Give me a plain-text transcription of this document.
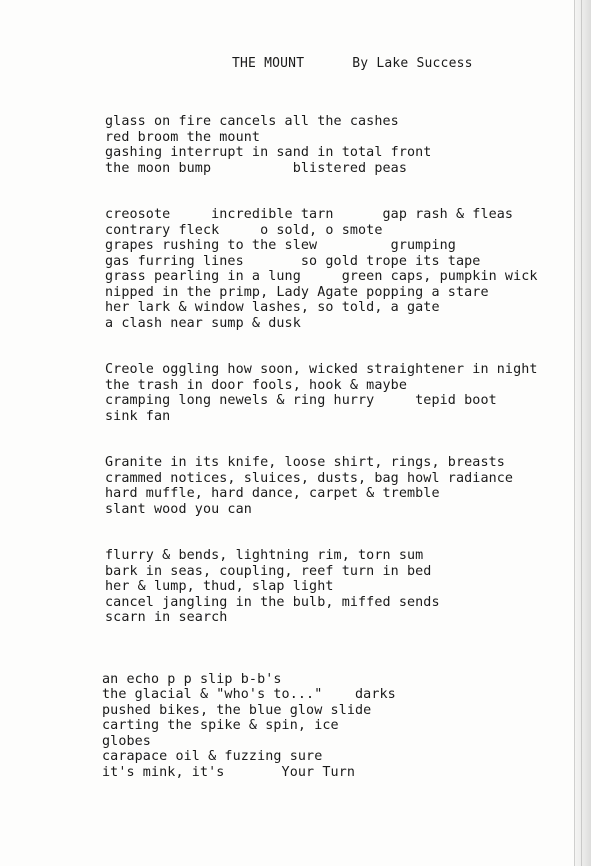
THE MOUNT	By Lake Success
glass on fire cancels all the cashes
red broom the mount
gashing interrupt in sand in total front
the moon bump          blistered peas
creosote     incredible tarn      gap rash & fleas
contrary fleck     o sold, o smote
grapes rushing to the slew         grumping
gas furring lines       so gold trope its tape
grass pearling in a lung     green caps, pumpkin wick
nipped in the primp, Lady Agate popping a stare
her lark & window lashes, so told, a gate
a clash near sump & dusk
Creole oggling how soon, wicked straightener in night
the trash in door fools, hook & maybe
cramping long newels & ring hurry     tepid boot
sink fan
Granite in its knife, loose shirt, rings, breasts
crammed notices, sluices, dusts, bag howl radiance
hard muffle, hard dance, carpet & tremble
slant wood you can
flurry & bends, lightning rim, torn sum
bark in seas, coupling, reef turn in bed
her & lump, thud, slap light
cancel jangling in the bulb, miffed sends
scarn in search
an echo p p slip b-b's
the glacial & "who's to..."    darks
pushed bikes, the blue glow slide
carting the spike & spin, ice
globes
carapace oil & fuzzing sure
it's mink, it's       Your Turn
